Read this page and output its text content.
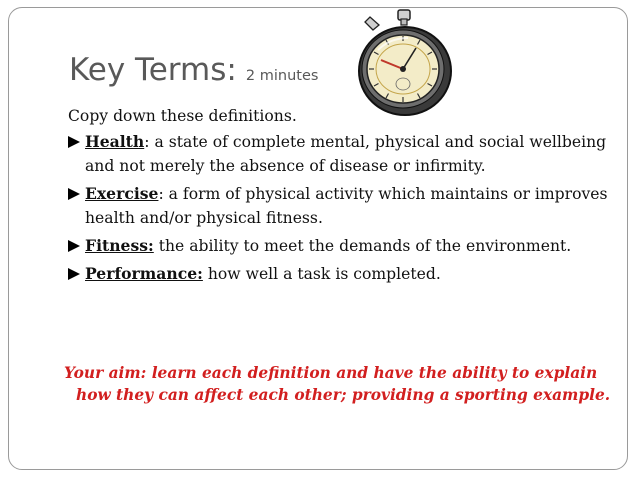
Key Terms: 2 minutes
Copy down these definitions.
Health: a state of complete mental, physical and social wellbeing and not merely the absence of disease or infirmity.
Exercise: a form of physical activity which maintains or improves health and/or physical fitness.
Fitness: the ability to meet the demands of the environment.
Performance: how well a task is completed.
Your aim: learn each definition and have the ability to explain how they can affect each other; providing a sporting example.
